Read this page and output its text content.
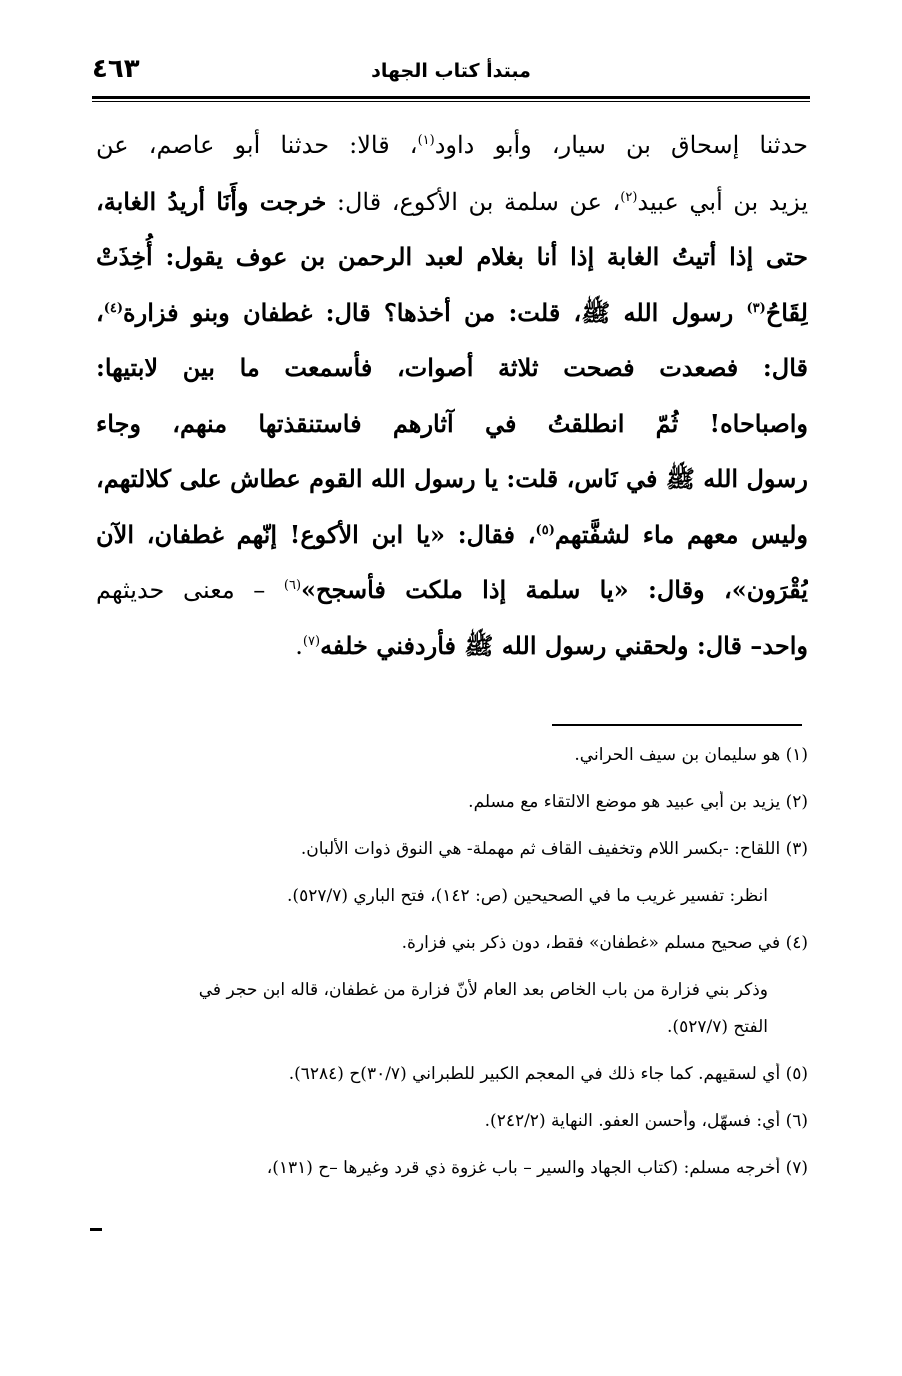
٤٦٣	مبتدأ كتاب الجهاد
حدثنا إسحاق بن سيار، وأبو داود$^{(١)}$، قالا: حدثنا أبو عاصم، عن
يزيد بن أبي عبيد$^{(٢)}$، عن سلمة بن الأكوع، قال: خرجت وأَنَا أريدُ الغابة،
حتى إذا أتيتُ الغابة إذا أنا بغلام لعبد الرحمن بن عوف يقول: أُخِذَتْ
لِقَاحُ$^{(٣)}$ رسول الله ﷺ، قلت: من أخذها؟ قال: غطفان وبنو فزارة$^{(٤)}$،
قال: فصعدت فصحت ثلاثة أصوات، فأسمعت ما بين لابتيها:
واصباحاه! ثُمّ انطلقتُ في آثارهم فاستنقذتها منهم، وجاء
رسول الله ﷺ في نَاس، قلت: يا رسول الله القوم عطاش على كلالتهم،
وليس معهم ماء لشفَّتهم$^{(٥)}$، فقال: «يا ابن الأكوع! إنّهم غطفان، الآن
يُقْرَون»، وقال: «يا سلمة إذا ملكت فأسجح»$^{(٦)}$ – معنى حديثهم
واحد– قال: ولحقني رسول الله ﷺ فأردفني خلفه$^{(٧)}$.
(١) هو سليمان بن سيف الحراني.
(٢) يزيد بن أبي عبيد هو موضع الالتقاء مع مسلم.
(٣) اللقاح: -بكسر اللام وتخفيف القاف ثم مهملة- هي النوق ذوات الألبان.
انظر: تفسير غريب ما في الصحيحين (ص: ١٤٢)، فتح الباري (٥٢٧/٧).
(٤) في صحيح مسلم «غطفان» فقط، دون ذكر بني فزارة.
وذكر بني فزارة من باب الخاص بعد العام لأنّ فزارة من غطفان، قاله ابن حجر في
الفتح (٥٢٧/٧).
(٥) أي لسقيهم. كما جاء ذلك في المعجم الكبير للطبراني (٣٠/٧)ح (٦٢٨٤).
(٦) أي: فسهّل، وأحسن العفو. النهاية (٢٤٢/٢).
(٧) أخرجه مسلم: (كتاب الجهاد والسير – باب غزوة ذي قرد وغيرها –ح (١٣١)،
